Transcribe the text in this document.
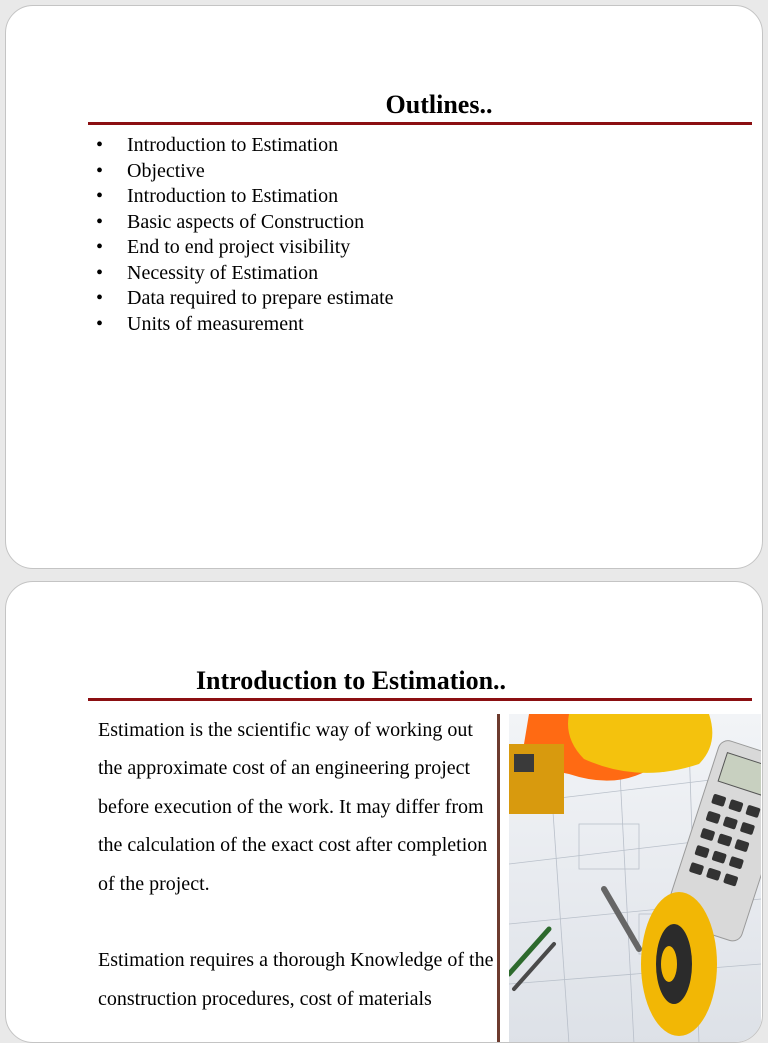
Outlines..
•	Introduction to Estimation
•	Objective
•	Introduction to Estimation
•	Basic aspects of Construction
•	End to end project visibility
•	Necessity of Estimation
•	Data required to prepare estimate
•	Units of measurement
Introduction to Estimation..

Estimation is the scientific way of working out the approximate cost of an engineering project before execution of the work. It may differ from the calculation of the exact cost after completion of the project.

Estimation requires a thorough Knowledge of the construction procedures, cost of materials
